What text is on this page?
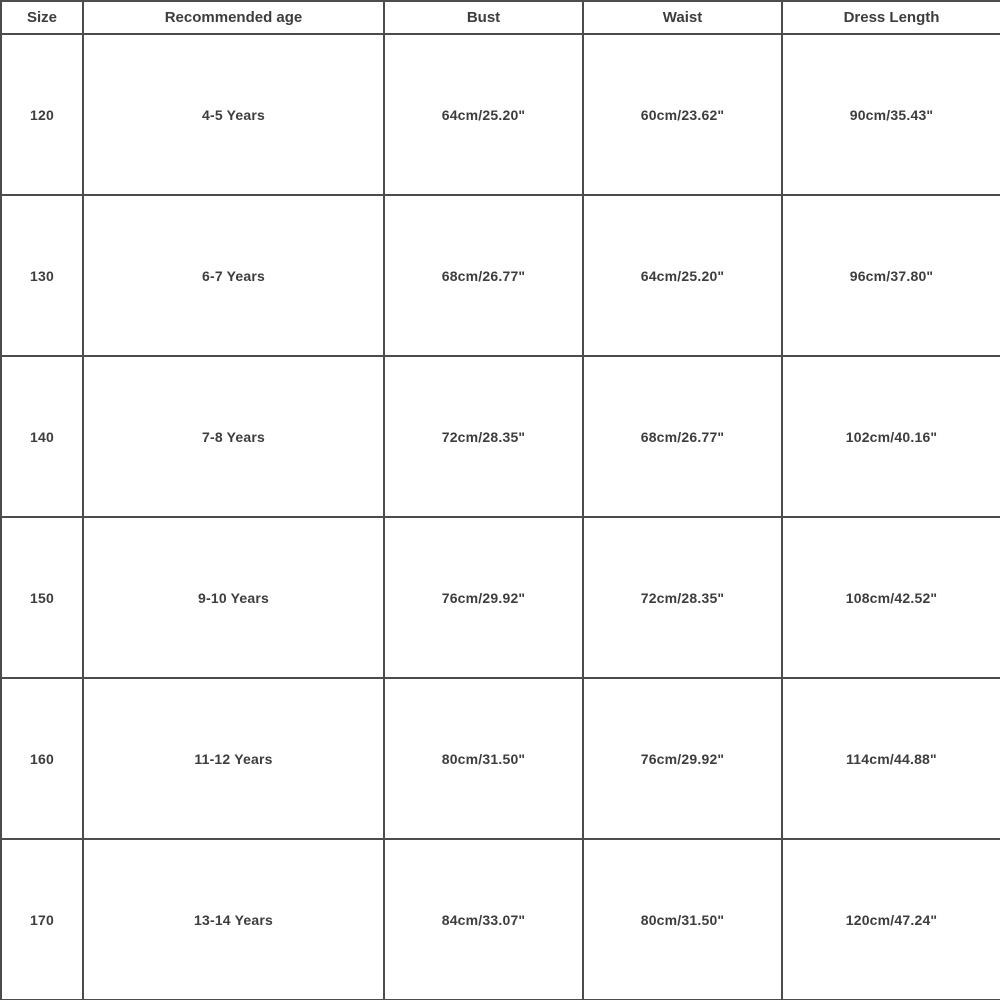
Size	Recommended age	Bust	Waist	Dress Length
120	4-5 Years	64cm/25.20"	60cm/23.62"	90cm/35.43"
130	6-7 Years	68cm/26.77"	64cm/25.20"	96cm/37.80"
140	7-8 Years	72cm/28.35"	68cm/26.77"	102cm/40.16"
150	9-10 Years	76cm/29.92"	72cm/28.35"	108cm/42.52"
160	11-12 Years	80cm/31.50"	76cm/29.92"	114cm/44.88"
170	13-14 Years	84cm/33.07"	80cm/31.50"	120cm/47.24"
